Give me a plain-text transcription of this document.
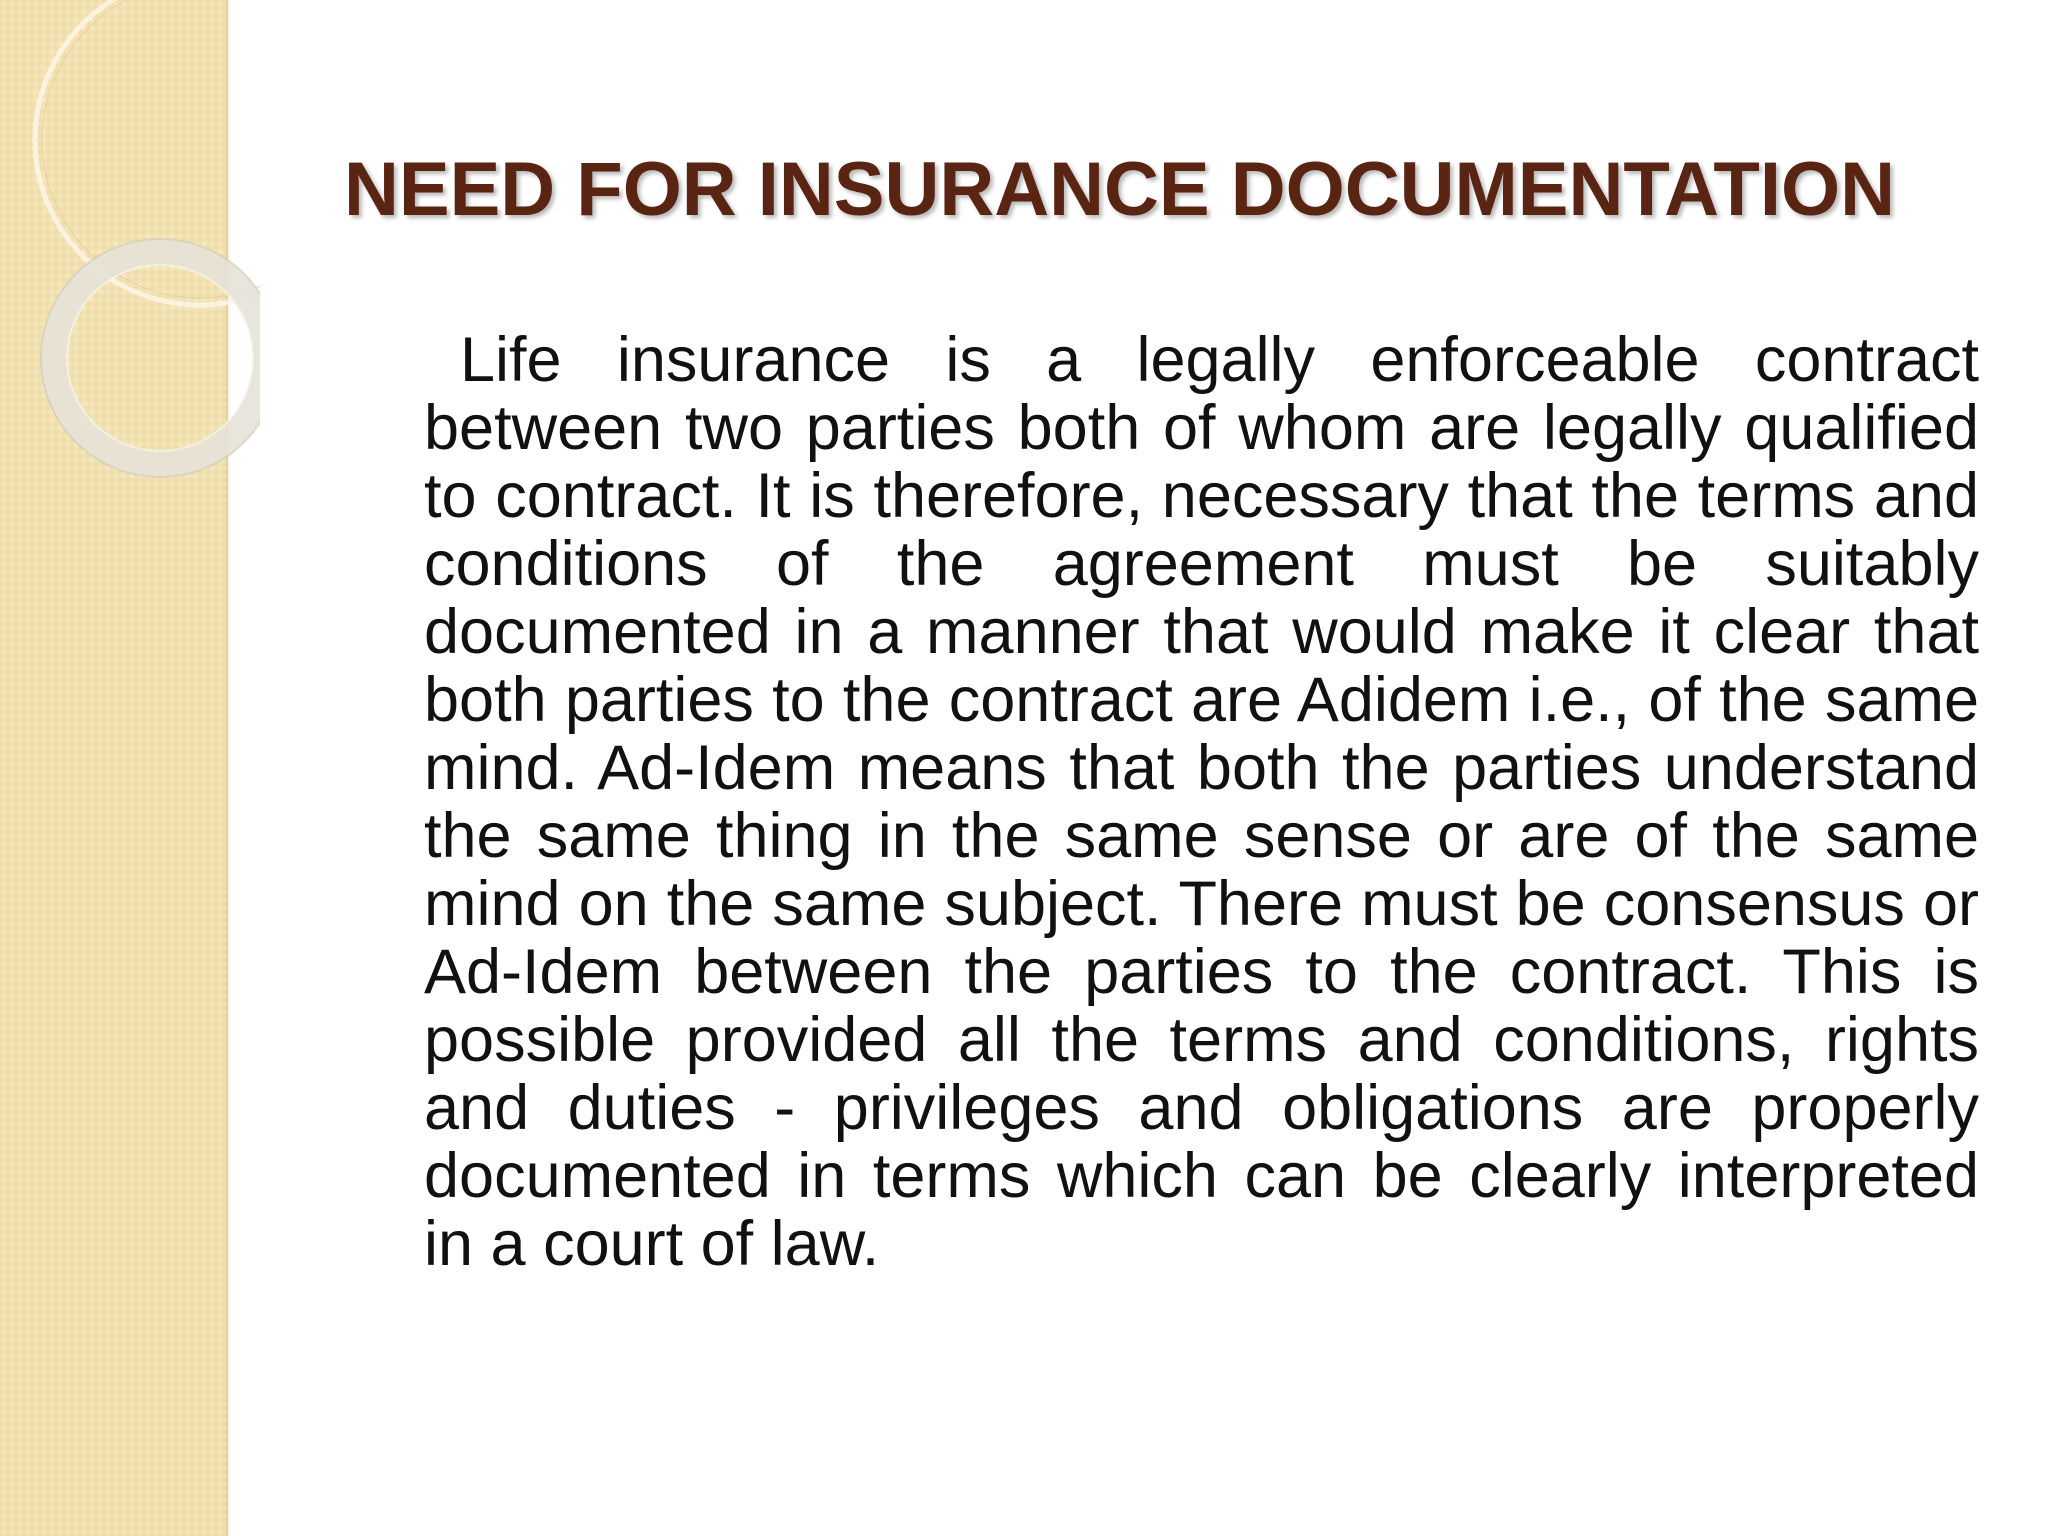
NEED FOR INSURANCE DOCUMENTATION

Life insurance is a legally enforceable contract between two parties both of whom are legally qualified to contract. It is therefore, necessary that the terms and conditions of the agreement must be suitably documented in a manner that would make it clear that both parties to the contract are Adidem i.e., of the same mind. Ad-Idem means that both the parties understand the same thing in the same sense or are of the same mind on the same subject. There must be consensus or Ad-Idem between the parties to the contract. This is possible provided all the terms and conditions, rights and duties - privileges and obligations are properly documented in terms which can be clearly interpreted in a court of law.
